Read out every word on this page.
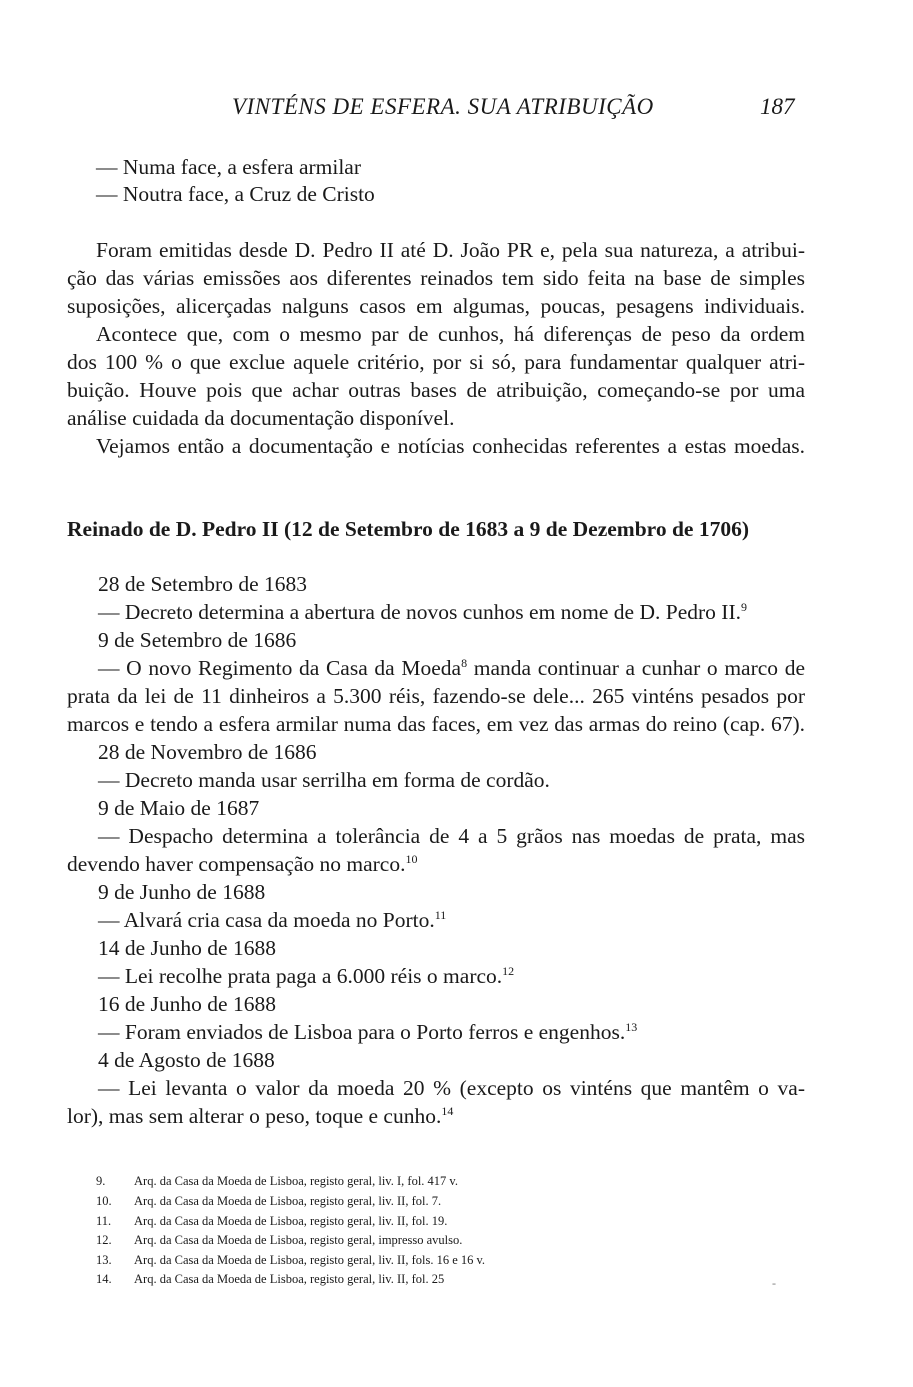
VINTÉNS DE ESFERA. SUA ATRIBUIÇÃO	187
— Numa face, a esfera armilar
— Noutra face, a Cruz de Cristo
Foram emitidas desde D. Pedro II até D. João PR e, pela sua natureza, a atribui-
ção das várias emissões aos diferentes reinados tem sido feita na base de simples
suposições, alicerçadas nalguns casos em algumas, poucas, pesagens individuais.
Acontece que, com o mesmo par de cunhos, há diferenças de peso da ordem
dos 100 % o que exclue aquele critério, por si só, para fundamentar qualquer atri-
buição. Houve pois que achar outras bases de atribuição, começando-se por uma
análise cuidada da documentação disponível.
Vejamos então a documentação e notícias conhecidas referentes a estas moedas.
Reinado de D. Pedro II (12 de Setembro de 1683 a 9 de Dezembro de 1706)
28 de Setembro de 1683
— Decreto determina a abertura de novos cunhos em nome de D. Pedro II.$^9$
9 de Setembro de 1686
— O novo Regimento da Casa da Moeda$^8$ manda continuar a cunhar o marco de
prata da lei de 11 dinheiros a 5.300 réis, fazendo-se dele... 265 vinténs pesados por
marcos e tendo a esfera armilar numa das faces, em vez das armas do reino (cap. 67).
28 de Novembro de 1686
— Decreto manda usar serrilha em forma de cordão.
9 de Maio de 1687
— Despacho determina a tolerância de 4 a 5 grãos nas moedas de prata, mas
devendo haver compensação no marco.$^{10}$
9 de Junho de 1688
— Alvará cria casa da moeda no Porto.$^{11}$
14 de Junho de 1688
— Lei recolhe prata paga a 6.000 réis o marco.$^{12}$
16 de Junho de 1688
— Foram enviados de Lisboa para o Porto ferros e engenhos.$^{13}$
4 de Agosto de 1688
— Lei levanta o valor da moeda 20 % (excepto os vinténs que mantêm o va-
lor), mas sem alterar o peso, toque e cunho.$^{14}$
9. Arq. da Casa da Moeda de Lisboa, registo geral, liv. I, fol. 417 v.
10. Arq. da Casa da Moeda de Lisboa, registo geral, liv. II, fol. 7.
11. Arq. da Casa da Moeda de Lisboa, registo geral, liv. II, fol. 19.
12. Arq. da Casa da Moeda de Lisboa, registo geral, impresso avulso.
13. Arq. da Casa da Moeda de Lisboa, registo geral, liv. II, fols. 16 e 16 v.
14. Arq. da Casa da Moeda de Lisboa, registo geral, liv. II, fol. 25	-
